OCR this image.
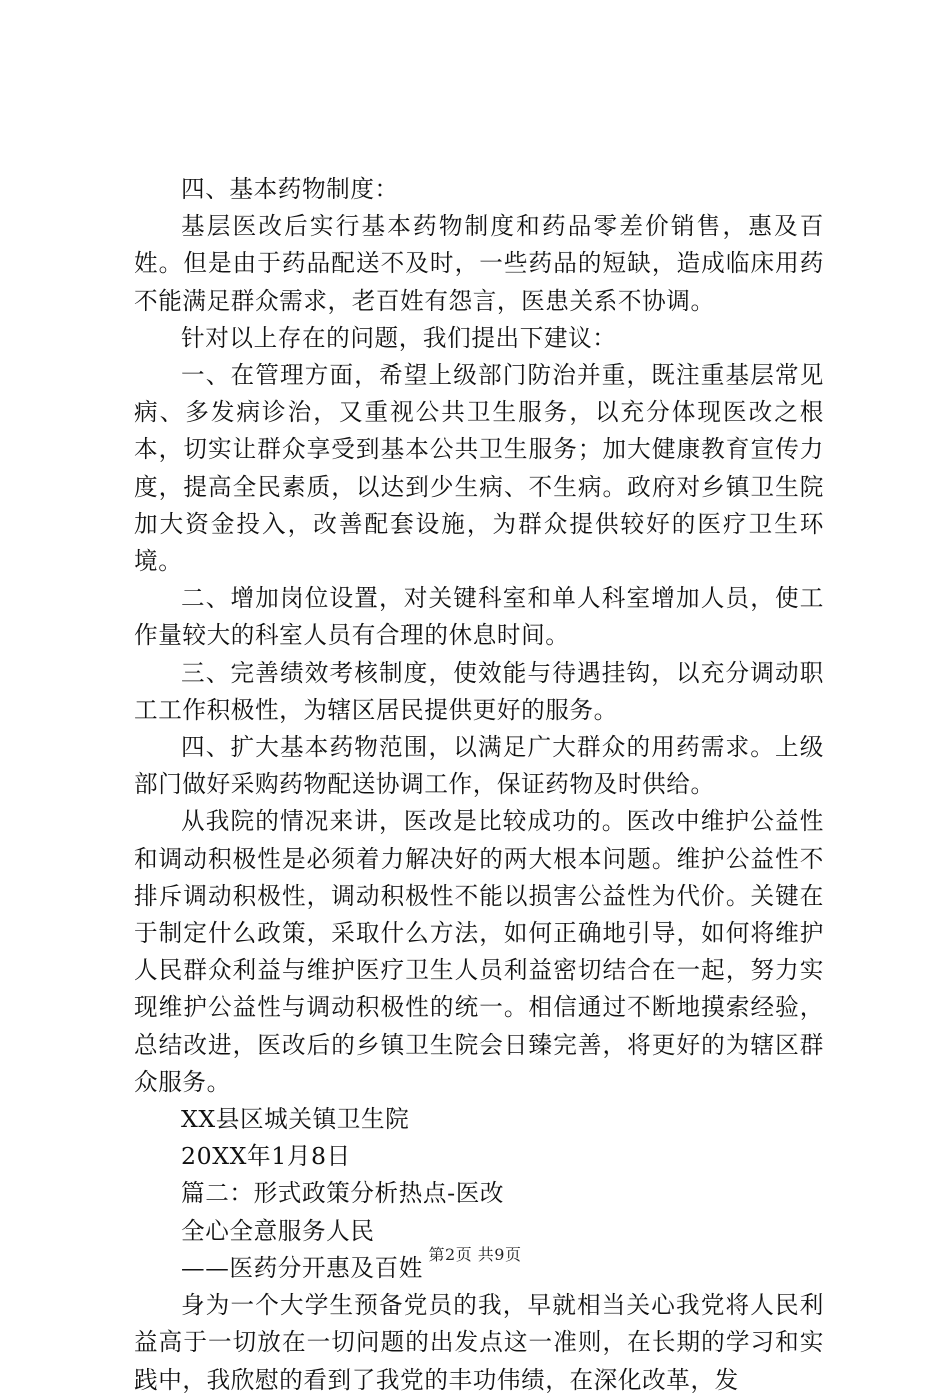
四、基本药物制度：

基层医改后实行基本药物制度和药品零差价销售，惠及百姓。但是由于药品配送不及时，一些药品的短缺，造成临床用药不能满足群众需求，老百姓有怨言，医患关系不协调。

针对以上存在的问题，我们提出下建议：

一、在管理方面，希望上级部门防治并重，既注重基层常见病、多发病诊治，又重视公共卫生服务，以充分体现医改之根本，切实让群众享受到基本公共卫生服务；加大健康教育宣传力度，提高全民素质，以达到少生病、不生病。政府对乡镇卫生院加大资金投入，改善配套设施，为群众提供较好的医疗卫生环境。

二、增加岗位设置，对关键科室和单人科室增加人员，使工作量较大的科室人员有合理的休息时间。

三、完善绩效考核制度，使效能与待遇挂钩，以充分调动职工工作积极性，为辖区居民提供更好的服务。

四、扩大基本药物范围，以满足广大群众的用药需求。上级部门做好采购药物配送协调工作，保证药物及时供给。

从我院的情况来讲，医改是比较成功的。医改中维护公益性和调动积极性是必须着力解决好的两大根本问题。维护公益性不排斥调动积极性，调动积极性不能以损害公益性为代价。关键在于制定什么政策，采取什么方法，如何正确地引导，如何将维护人民群众利益与维护医疗卫生人员利益密切结合在一起，努力实现维护公益性与调动积极性的统一。相信通过不断地摸索经验，总结改进，医改后的乡镇卫生院会日臻完善，将更好的为辖区群众服务。

XX县区城关镇卫生院

20XX年1月8日

篇二：形式政策分析热点-医改

全心全意服务人民

——医药分开惠及百姓

身为一个大学生预备党员的我，早就相当关心我党将人民利益高于一切放在一切问题的出发点这一准则，在长期的学习和实践中，我欣慰的看到了我党的丰功伟绩，在深化改革，发

第2页 共9页
